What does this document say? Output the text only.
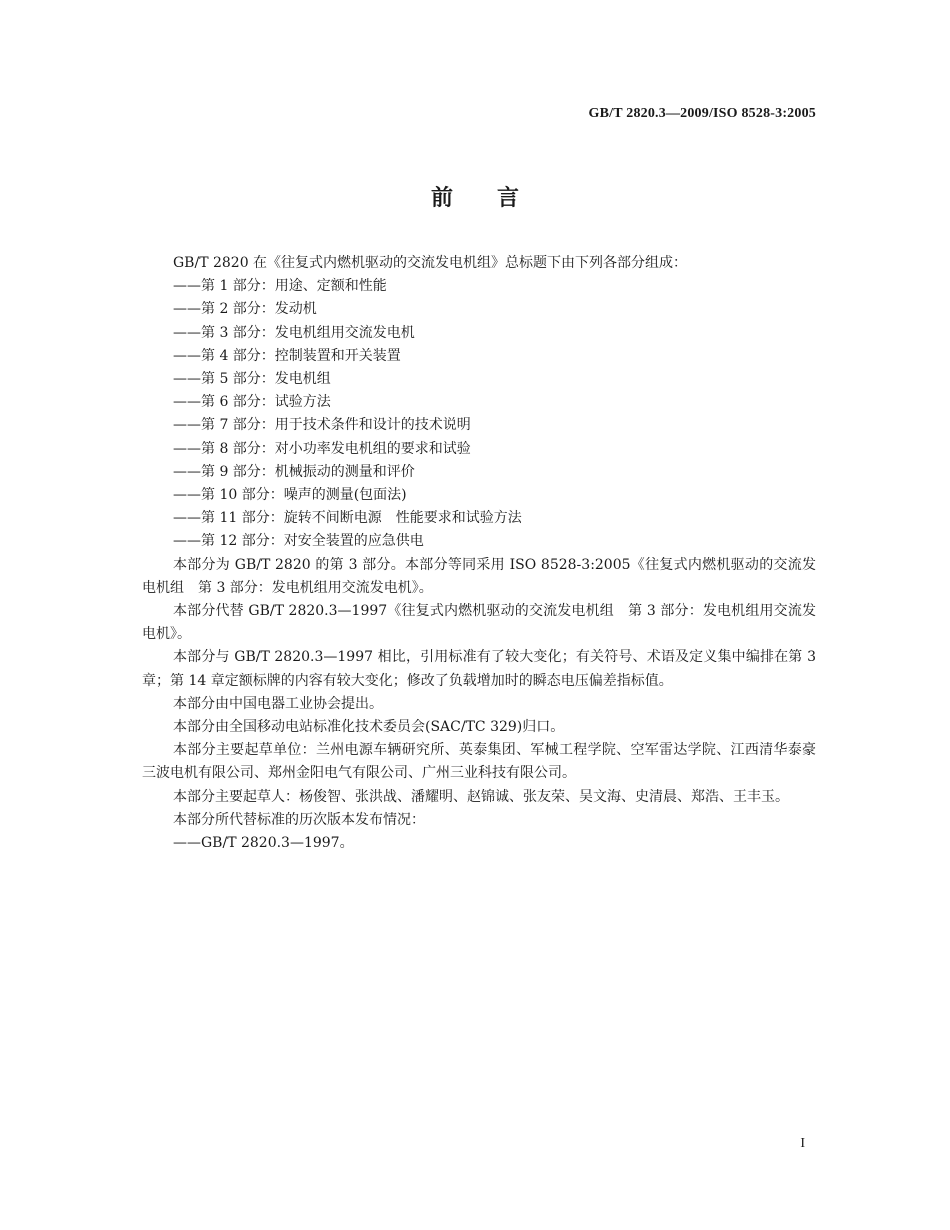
GB/T 2820.3—2009/ISO 8528-3:2005
前　　言

GB/T 2820 在《往复式内燃机驱动的交流发电机组》总标题下由下列各部分组成：

——第 1 部分：用途、定额和性能
——第 2 部分：发动机
——第 3 部分：发电机组用交流发电机
——第 4 部分：控制装置和开关装置
——第 5 部分：发电机组
——第 6 部分：试验方法
——第 7 部分：用于技术条件和设计的技术说明
——第 8 部分：对小功率发电机组的要求和试验
——第 9 部分：机械振动的测量和评价
——第 10 部分：噪声的测量(包面法)
——第 11 部分：旋转不间断电源　性能要求和试验方法
——第 12 部分：对安全装置的应急供电

本部分为 GB/T 2820 的第 3 部分。本部分等同采用 ISO 8528-3:2005《往复式内燃机驱动的交流发电机组　第 3 部分：发电机组用交流发电机》。

本部分代替 GB/T 2820.3—1997《往复式内燃机驱动的交流发电机组　第 3 部分：发电机组用交流发电机》。

本部分与 GB/T 2820.3—1997 相比，引用标准有了较大变化；有关符号、术语及定义集中编排在第 3 章；第 14 章定额标牌的内容有较大变化；修改了负载增加时的瞬态电压偏差指标值。

本部分由中国电器工业协会提出。

本部分由全国移动电站标准化技术委员会(SAC/TC 329)归口。

本部分主要起草单位：兰州电源车辆研究所、英泰集团、军械工程学院、空军雷达学院、江西清华泰豪三波电机有限公司、郑州金阳电气有限公司、广州三业科技有限公司。

本部分主要起草人：杨俊智、张洪战、潘耀明、赵锦诚、张友荣、吴文海、史清晨、郑浩、王丰玉。

本部分所代替标准的历次版本发布情况：

——GB/T 2820.3—1997。
I
